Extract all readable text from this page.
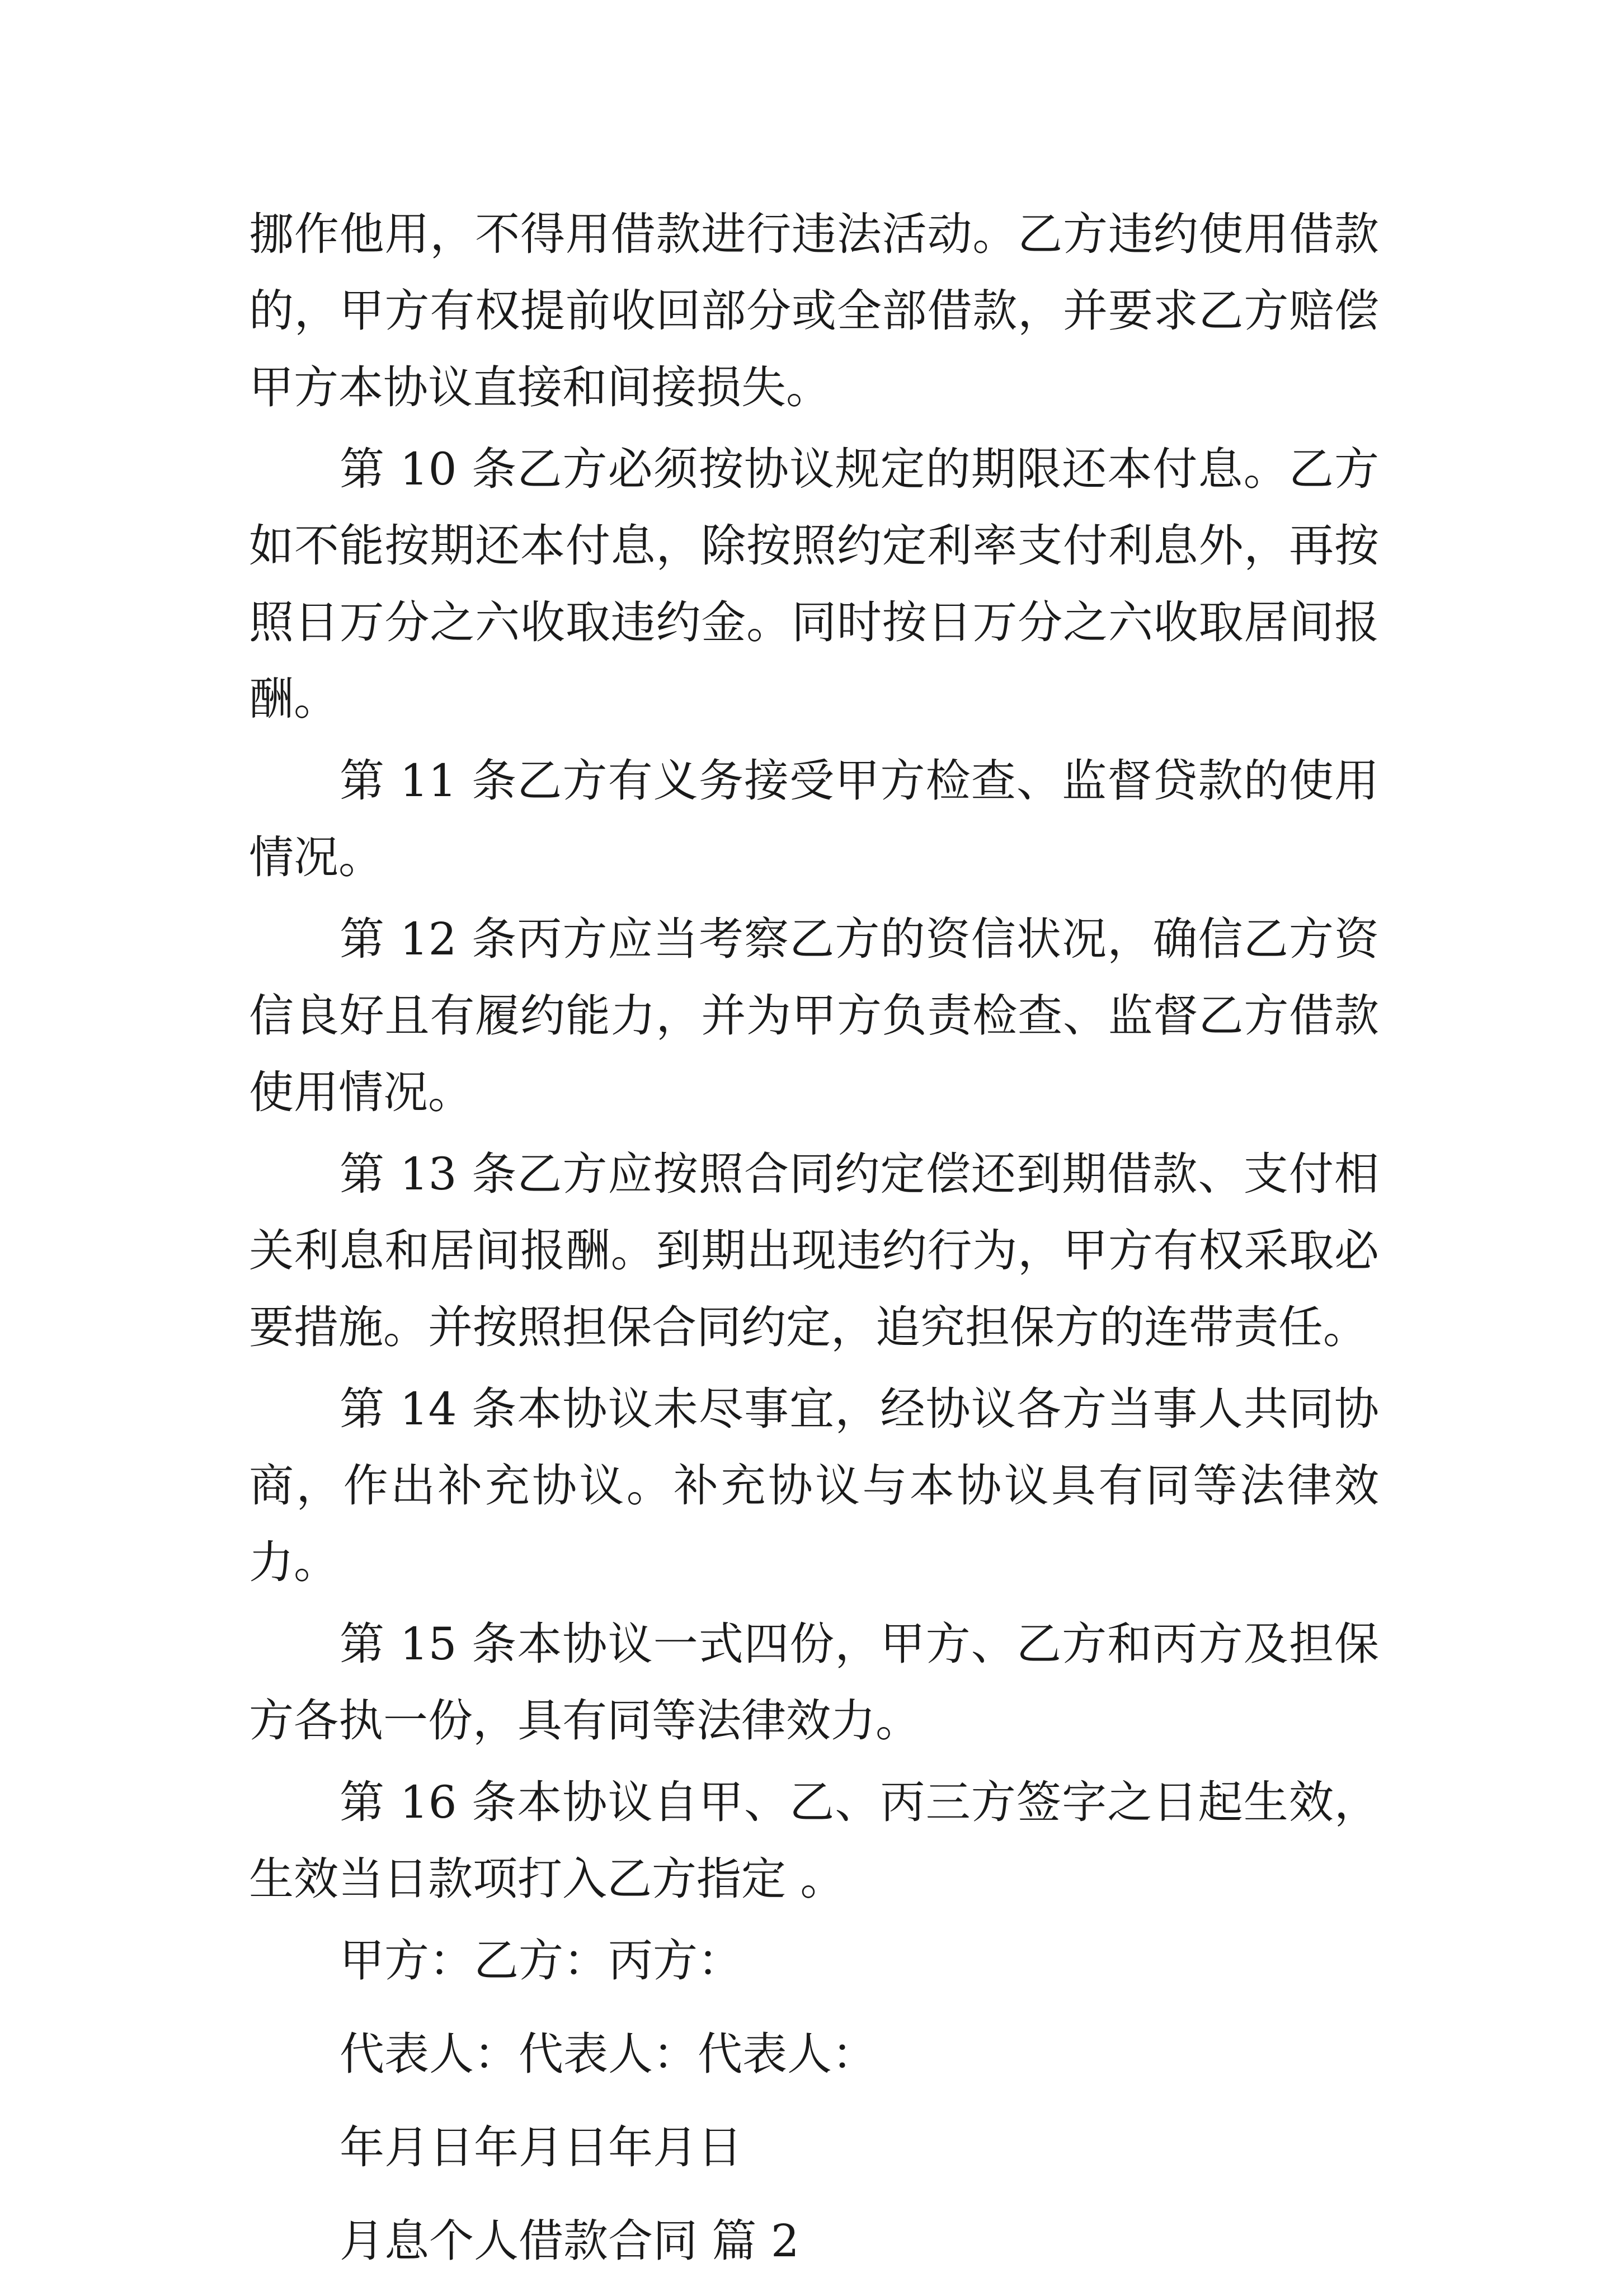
挪作他用，不得用借款进行违法活动。乙方违约使用借款的，甲方有权提前收回部分或全部借款，并要求乙方赔偿甲方本协议直接和间接损失。

第 10 条乙方必须按协议规定的期限还本付息。乙方如不能按期还本付息，除按照约定利率支付利息外，再按照日万分之六收取违约金。同时按日万分之六收取居间报酬。

第 11 条乙方有义务接受甲方检查、监督贷款的使用情况。

第 12 条丙方应当考察乙方的资信状况，确信乙方资信良好且有履约能力，并为甲方负责检查、监督乙方借款使用情况。

第 13 条乙方应按照合同约定偿还到期借款、支付相关利息和居间报酬。到期出现违约行为，甲方有权采取必要措施。并按照担保合同约定，追究担保方的连带责任。

第 14 条本协议未尽事宜，经协议各方当事人共同协商，作出补充协议。补充协议与本协议具有同等法律效力。

第 15 条本协议一式四份，甲方、乙方和丙方及担保方各执一份，具有同等法律效力。

第 16 条本协议自甲、乙、丙三方签字之日起生效，生效当日款项打入乙方指定 。

甲方：乙方：丙方：

代表人：代表人：代表人：

年月日年月日年月日

月息个人借款合同 篇 2
